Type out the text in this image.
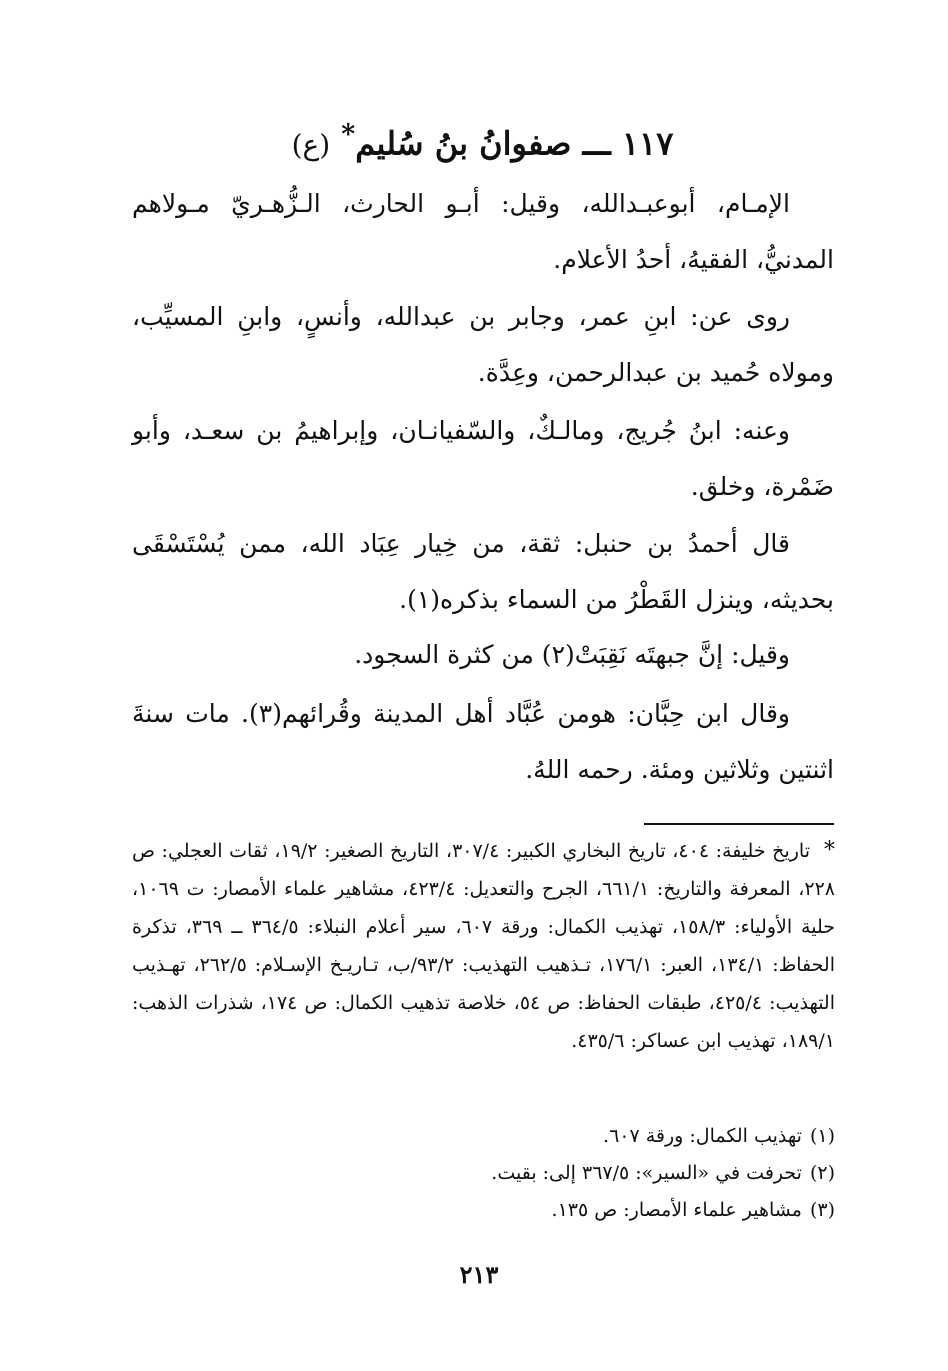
١١٧ ـــ صفوانُ بنُ سُليم* (ع)

الإمـام، أبوعبـدالله، وقيل: أبـو الحارث، الـزُّهـريّ مـولاهم المدنيُّ، الفقيهُ، أحدُ الأعلام.

روى عن: ابنِ عمر، وجابر بن عبدالله، وأنسٍ، وابنِ المسيِّب، ومولاه حُميد بن عبدالرحمن، وعِدَّة.

وعنه: ابنُ جُريج، ومالـكٌ، والسّفيانـان، وإبراهيمُ بن سعـد، وأبو ضَمْرة، وخلق.

قال أحمدُ بن حنبل: ثقة، من خِيار عِبَاد الله، ممن يُسْتَسْقَى بحديثه، وينزل القَطْرُ من السماء بذكره(١).

وقيل: إنَّ جبهتَه نَقِبَتْ(٢) من كثرة السجود.

وقال ابن حِبَّان: هومن عُبَّاد أهل المدينة وقُرائهم(٣). مات سنةَ اثنتين وثلاثين ومئة. رحمه اللهُ.

*تاريخ خليفة: ٤٠٤، تاريخ البخاري الكبير: ٣٠٧/٤، التاريخ الصغير: ١٩/٢، ثقات العجلي: ص ٢٢٨، المعرفة والتاريخ: ٦٦١/١، الجرح والتعديل: ٤٢٣/٤، مشاهير علماء الأمصار: ت ١٠٦٩، حلية الأولياء: ١٥٨/٣، تهذيب الكمال: ورقة ٦٠٧، سير أعلام النبلاء: ٣٦٤/٥ ــ ٣٦٩، تذكرة الحفاظ: ١٣٤/١، العبر: ١٧٦/١، تـذهيب التهذيب: ٩٣/٢/ب، تـاريـخ الإسـلام: ٢٦٢/٥، تهـذيب التهذيب: ٤٢٥/٤، طبقات الحفاظ: ص ٥٤، خلاصة تذهيب الكمال: ص ١٧٤، شذرات الذهب: ١٨٩/١، تهذيب ابن عساكر: ٤٣٥/٦.
(١)تهذيب الكمال: ورقة ٦٠٧.
(٢)تحرفت في «السير»: ٣٦٧/٥ إلى: بقيت.
(٣)مشاهير علماء الأمصار: ص ١٣٥.
٢١٣
